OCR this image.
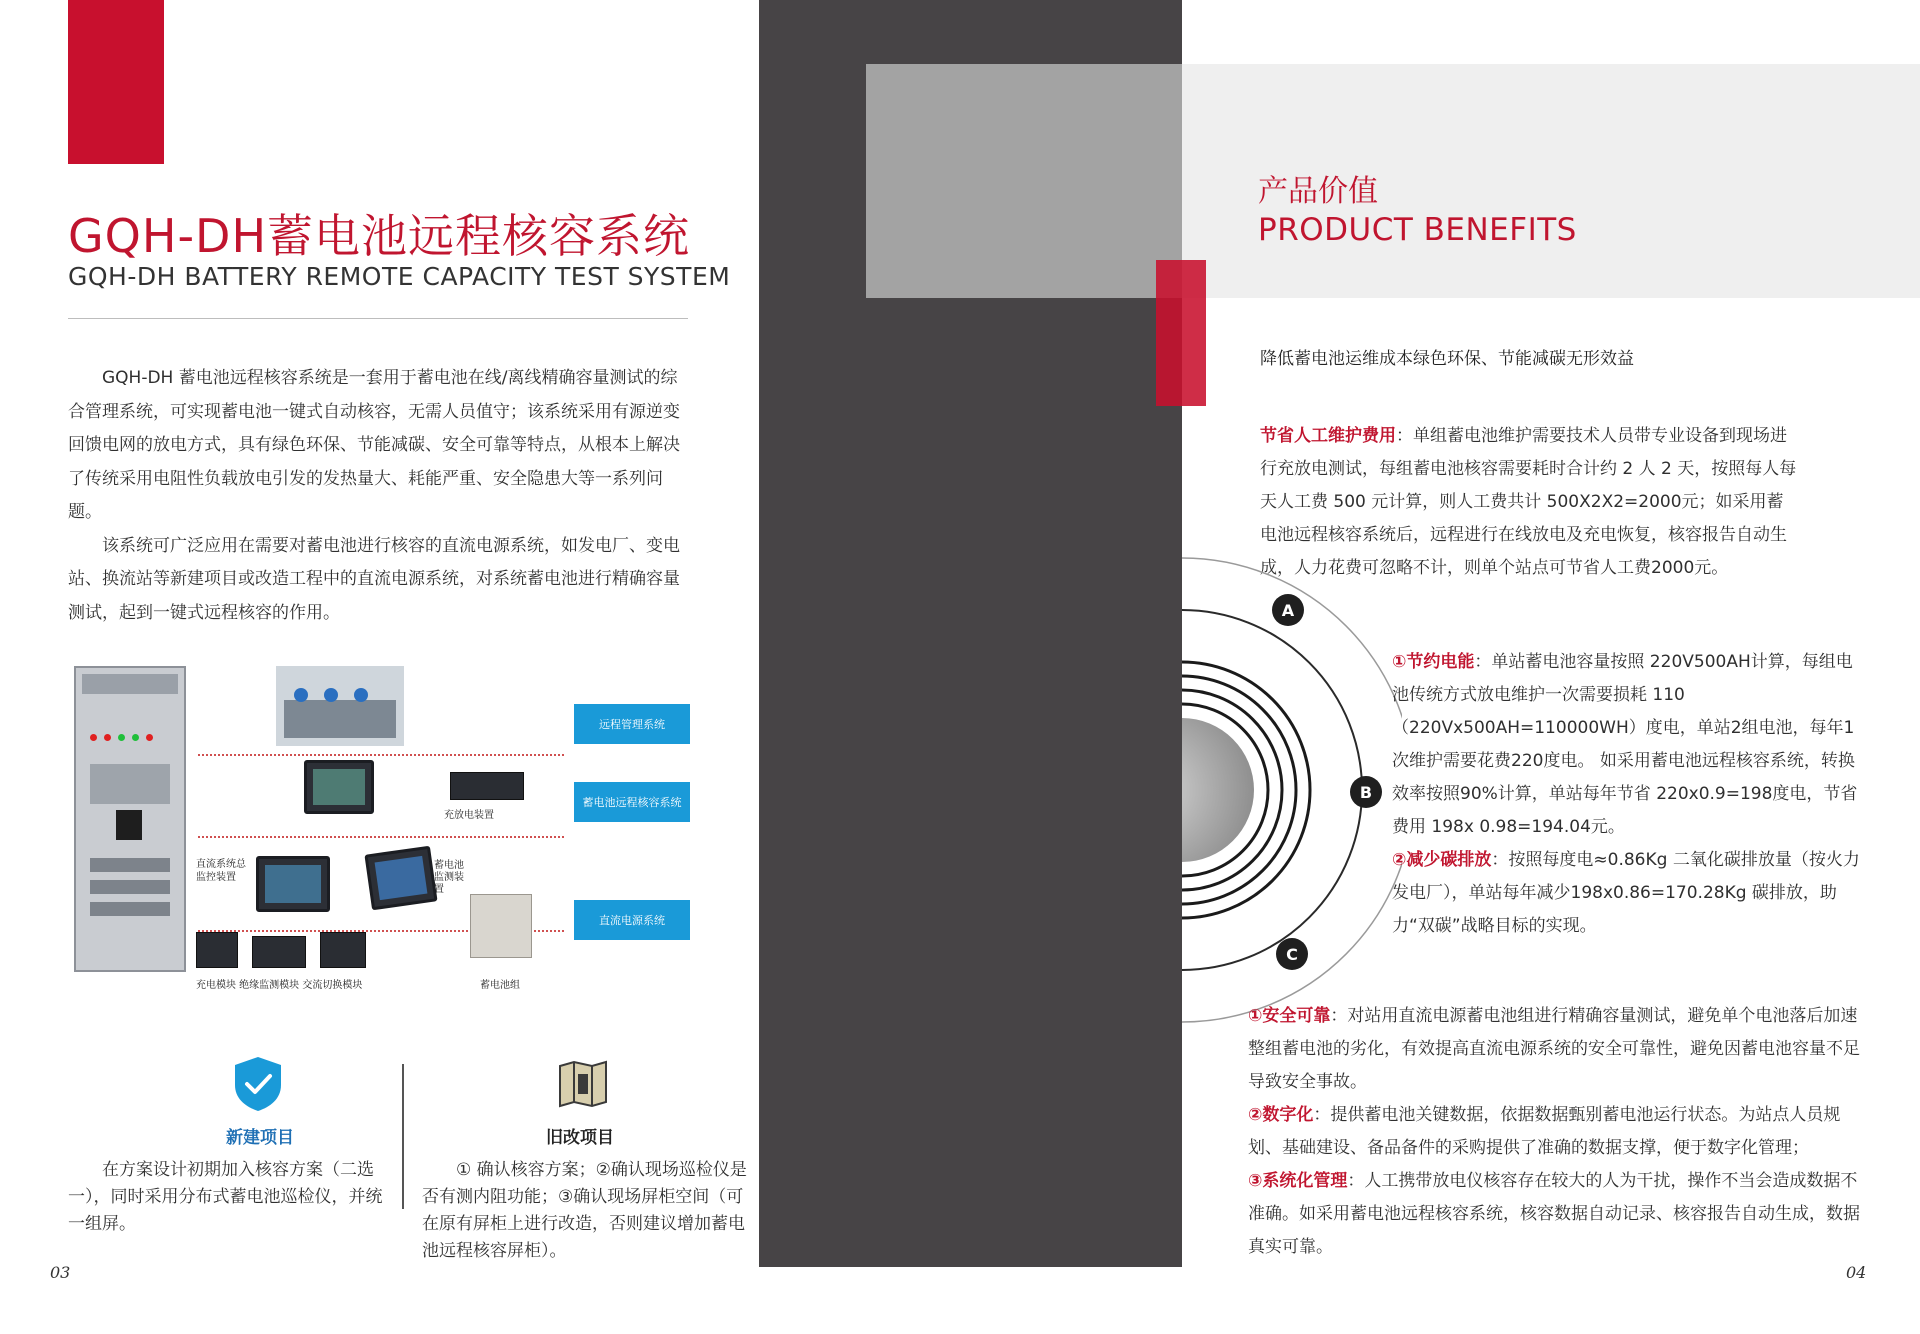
GQH-DH蓄电池远程核容系统
GQH-DH BATTERY REMOTE CAPACITY TEST SYSTEM

GQH-DH 蓄电池远程核容系统是一套用于蓄电池在线/离线精确容量测试的综合管理系统，可实现蓄电池一键式自动核容，无需人员值守；该系统采用有源逆变回馈电网的放电方式，具有绿色环保、节能减碳、安全可靠等特点，从根本上解决了传统采用电阻性负载放电引发的发热量大、耗能严重、安全隐患大等一系列问题。

该系统可广泛应用在需要对蓄电池进行核容的直流电源系统，如发电厂、变电站、换流站等新建项目或改造工程中的直流电源系统，对系统蓄电池进行精确容量测试，起到一键式远程核容的作用。

远程管理系统
蓄电池远程核容系统
直流电源系统
充放电装置
直流系统总监控装置
蓄电池监测装置
蓄电池组
充电模块 绝缘监测模块 交流切换模块
新建项目	旧改项目

在方案设计初期加入核容方案（二选一），同时采用分布式蓄电池巡检仪，并统一组屏。

① 确认核容方案；②确认现场巡检仪是否有测内阻功能；③确认现场屏柜空间（可在原有屏柜上进行改造，否则建议增加蓄电池远程核容屏柜）。

03
产品价值
PRODUCT BENEFITS
降低蓄电池运维成本绿色环保、节能减碳无形效益

节省人工维护费用：单组蓄电池维护需要技术人员带专业设备到现场进行充放电测试，每组蓄电池核容需要耗时合计约 2 人 2 天，按照每人每天人工费 500 元计算，则人工费共计 500X2X2=2000元；如采用蓄电池远程核容系统后，远程进行在线放电及充电恢复，核容报告自动生成，人力花费可忽略不计，则单个站点可节省人工费2000元。

A
B
C

①节约电能：单站蓄电池容量按照 220V500AH计算，每组电池传统方式放电维护一次需要损耗 110（220Vx500AH=110000WH）度电，单站2组电池，每年1次维护需要花费220度电。 如采用蓄电池远程核容系统，转换效率按照90%计算，单站每年节省 220x0.9=198度电，节省费用 198x 0.98=194.04元。

②减少碳排放：按照每度电≈0.86Kg 二氧化碳排放量（按火力发电厂），单站每年减少198x0.86=170.28Kg 碳排放，助力“双碳”战略目标的实现。

①安全可靠：对站用直流电源蓄电池组进行精确容量测试，避免单个电池落后加速整组蓄电池的劣化，有效提高直流电源系统的安全可靠性，避免因蓄电池容量不足导致安全事故。

②数字化：提供蓄电池关键数据，依据数据甄别蓄电池运行状态。为站点人员规划、基础建设、备品备件的采购提供了准确的数据支撑，便于数字化管理；

③系统化管理：人工携带放电仪核容存在较大的人为干扰，操作不当会造成数据不准确。如采用蓄电池远程核容系统，核容数据自动记录、核容报告自动生成，数据真实可靠。

04
